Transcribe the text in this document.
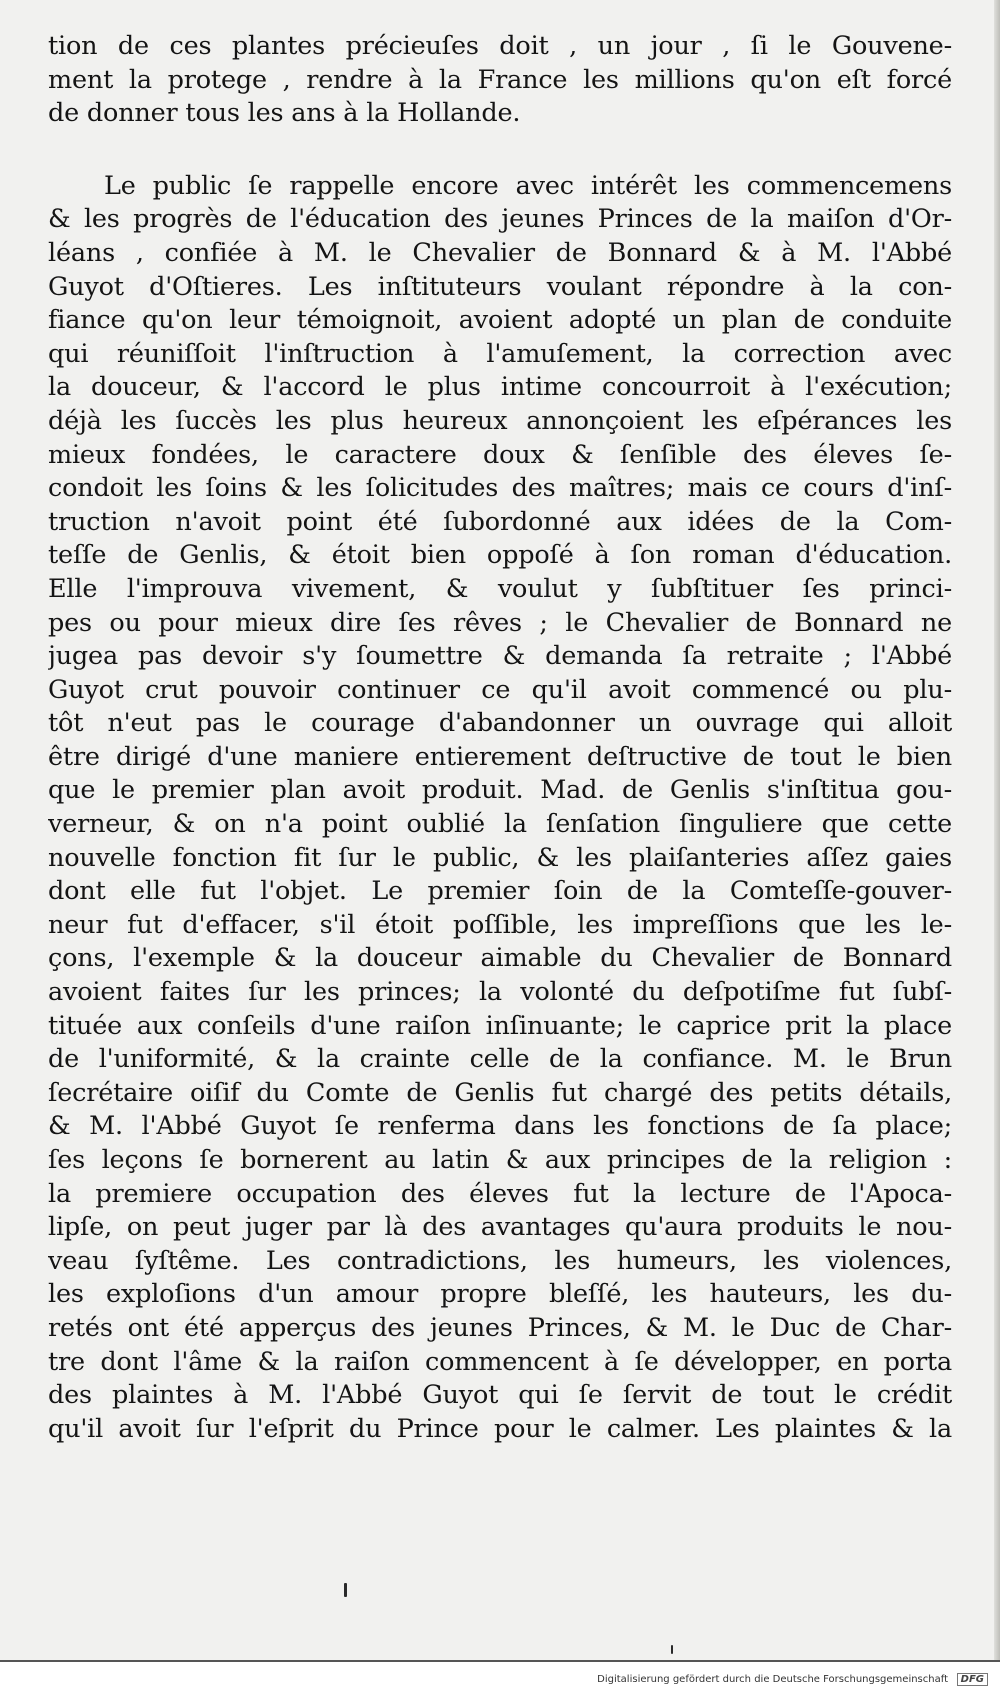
tion de ces plantes précieuſes doit , un jour , ſi le Gouvene-
ment la protege , rendre à la France les millions qu'on eſt forcé
de donner tous les ans à la Hollande.
Le public ſe rappelle encore avec intérêt les commencemens
& les progrès de l'éducation des jeunes Princes de la maiſon d'Or-
léans , confiée à M. le Chevalier de Bonnard & à M. l'Abbé
Guyot d'Oſtieres. Les inſtituteurs voulant répondre à la con-
fiance qu'on leur témoignoit, avoient adopté un plan de conduite
qui réuniſſoit l'inſtruction à l'amuſement, la correction avec
la douceur, & l'accord le plus intime concourroit à l'exécution;
déjà les ſuccès les plus heureux annonçoient les eſpérances les
mieux fondées, le caractere doux & ſenſible des éleves ſe-
condoit les ſoins & les ſolicitudes des maîtres; mais ce cours d'inſ-
truction n'avoit point été ſubordonné aux idées de la Com-
teſſe de Genlis, & étoit bien oppoſé à ſon roman d'éducation.
Elle l'improuva vivement, & voulut y ſubſtituer ſes princi-
pes ou pour mieux dire ſes rêves ; le Chevalier de Bonnard ne
jugea pas devoir s'y ſoumettre & demanda ſa retraite ; l'Abbé
Guyot crut pouvoir continuer ce qu'il avoit commencé ou plu-
tôt n'eut pas le courage d'abandonner un ouvrage qui alloit
être dirigé d'une maniere entierement deſtructive de tout le bien
que le premier plan avoit produit. Mad. de Genlis s'inſtitua gou-
verneur, & on n'a point oublié la ſenſation ſinguliere que cette
nouvelle fonction fit ſur le public, & les plaiſanteries aſſez gaies
dont elle fut l'objet. Le premier ſoin de la Comteſſe-gouver-
neur fut d'effacer, s'il étoit poſſible, les impreſſions que les le-
çons, l'exemple & la douceur aimable du Chevalier de Bonnard
avoient faites ſur les princes; la volonté du deſpotiſme fut ſubſ-
tituée aux conſeils d'une raiſon inſinuante; le caprice prit la place
de l'uniformité, & la crainte celle de la confiance. M. le Brun
ſecrétaire oiſif du Comte de Genlis fut chargé des petits détails,
& M. l'Abbé Guyot ſe renferma dans les fonctions de ſa place;
ſes leçons ſe bornerent au latin & aux principes de la religion :
la premiere occupation des éleves fut la lecture de l'Apoca-
lipſe, on peut juger par là des avantages qu'aura produits le nou-
veau ſyſtême. Les contradictions, les humeurs, les violences,
les exploſions d'un amour propre bleſſé, les hauteurs, les du-
retés ont été apperçus des jeunes Princes, & M. le Duc de Char-
tre dont l'âme & la raiſon commencent à ſe développer, en porta
des plaintes à M. l'Abbé Guyot qui ſe ſervit de tout le crédit
qu'il avoit ſur l'eſprit du Prince pour le calmer. Les plaintes & la
Digitalisierung gefördert durch die Deutsche Forschungsgemeinschaft	DFG
